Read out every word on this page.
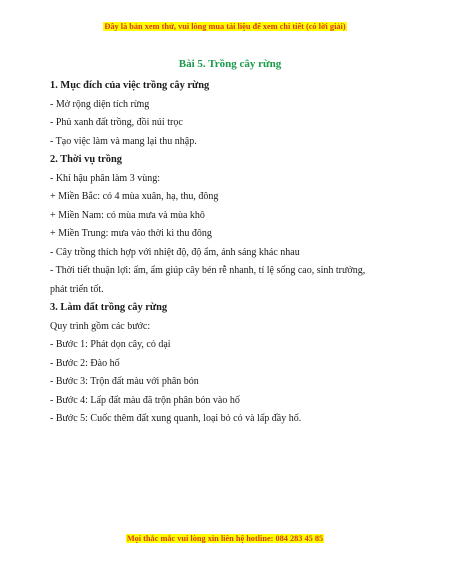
Đây là bản xem thử, vui lòng mua tài liệu để xem chi tiết (có lời giải)
Bài 5. Trồng cây rừng
1. Mục đích của việc trồng cây rừng
- Mở rộng diện tích rừng
- Phủ xanh đất trồng, đồi núi trọc
- Tạo việc làm và mang lại thu nhập.
2. Thời vụ trồng
- Khí hậu phân làm 3 vùng:
+ Miền Bắc: có 4 mùa xuân, hạ, thu, đông
+ Miền Nam: có mùa mưa và mùa khô
+ Miền Trung: mưa vào thời kì thu đông
- Cây trồng thích hợp với nhiệt độ, độ ẩm, ánh sáng khác nhau
- Thời tiết thuận lợi: ấm, ẩm giúp cây bén rễ nhanh, tỉ lệ sống cao, sinh trưởng,
phát triển tốt.
3. Làm đất trồng cây rừng
Quy trình gồm các bước:
- Bước 1: Phát dọn cây, cỏ dại
- Bước 2: Đào hố
- Bước 3: Trộn đất màu với phân bón
- Bước 4: Lấp đất màu đã trộn phân bón vào hố
- Bước 5: Cuốc thêm đất xung quanh, loại bỏ cỏ và lấp đầy hố.
Mọi thắc mắc vui lòng xin liên hệ hotline: 084 283 45 85
